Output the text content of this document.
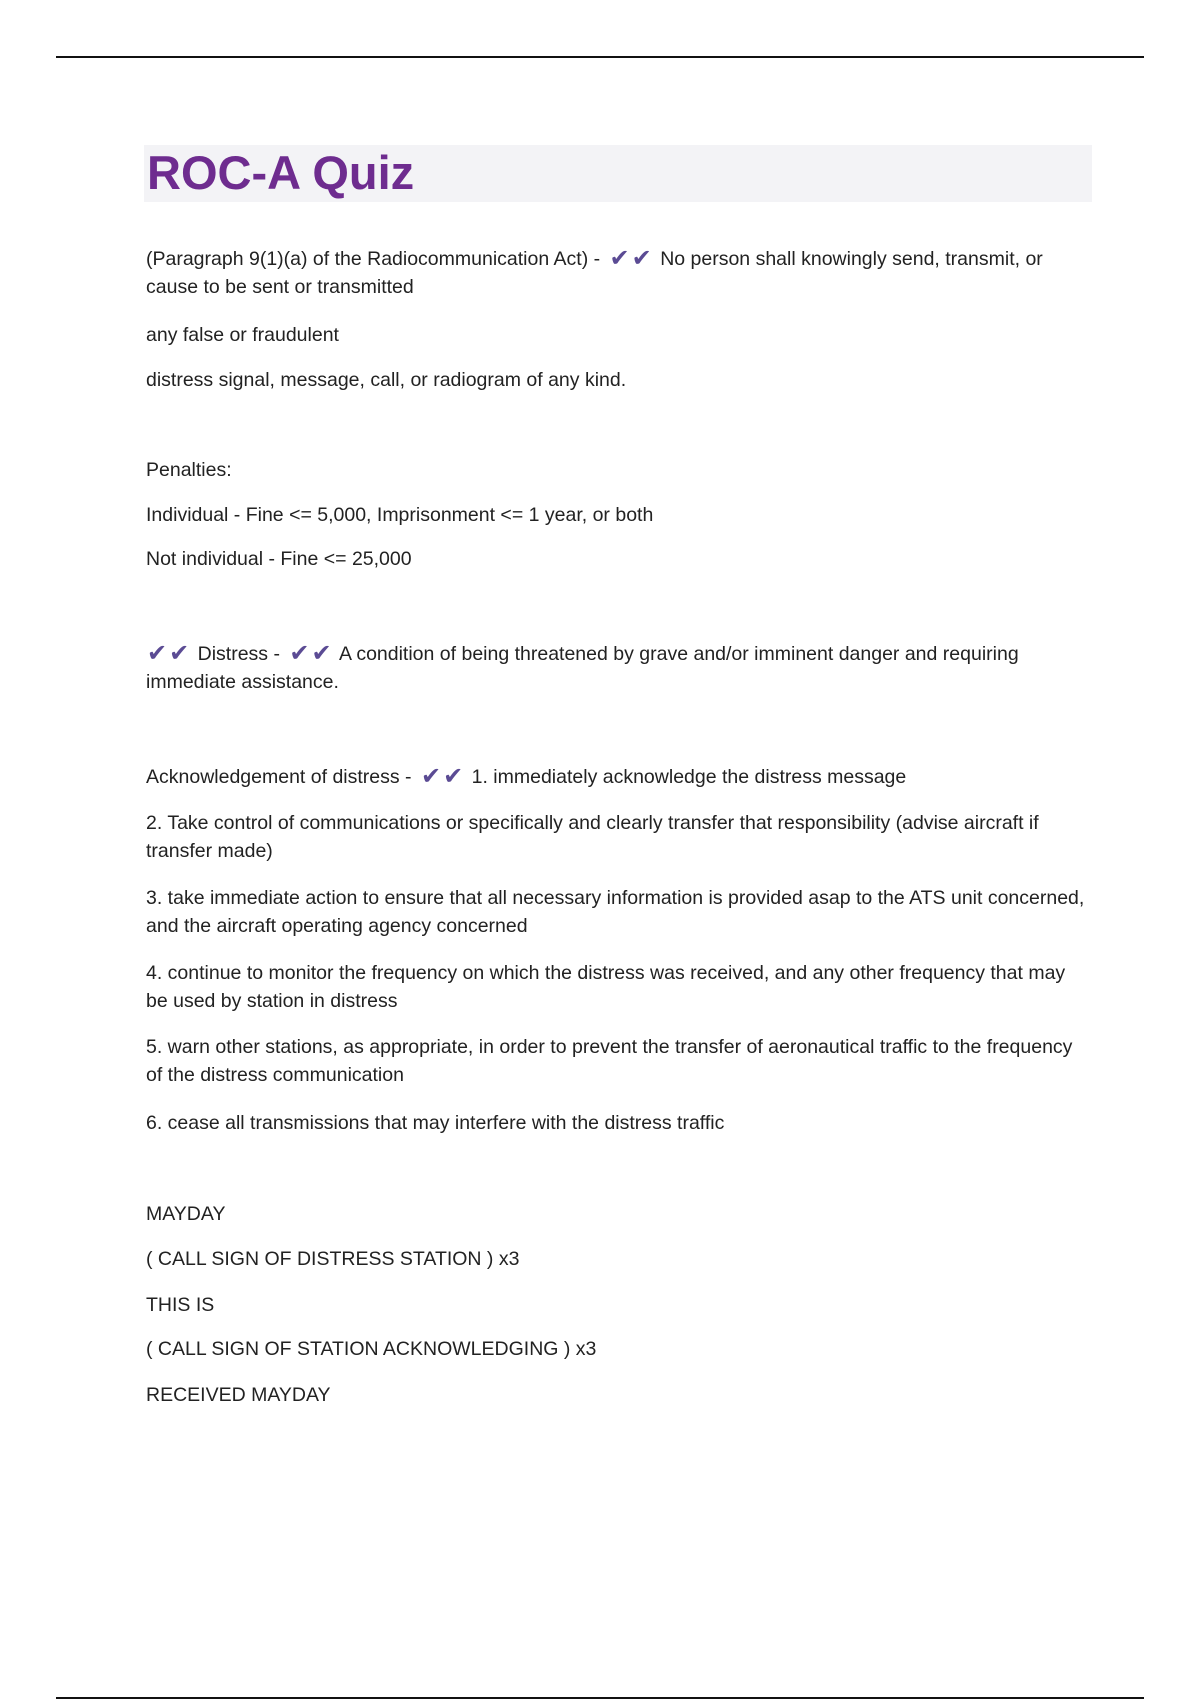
ROC-A Quiz

(Paragraph 9(1)(a) of the Radiocommunication Act) - ✔✔ No person shall knowingly send, transmit, or cause to be sent or transmitted

any false or fraudulent

distress signal, message, call, or radiogram of any kind.

Penalties:

Individual - Fine <= 5,000, Imprisonment <= 1 year, or both

Not individual - Fine <= 25,000

✔✔ Distress - ✔✔ A condition of being threatened by grave and/or imminent danger and requiring immediate assistance.

Acknowledgement of distress - ✔✔ 1. immediately acknowledge the distress message

2. Take control of communications or specifically and clearly transfer that responsibility (advise aircraft if transfer made)

3. take immediate action to ensure that all necessary information is provided asap to the ATS unit concerned, and the aircraft operating agency concerned

4. continue to monitor the frequency on which the distress was received, and any other frequency that may be used by station in distress

5. warn other stations, as appropriate, in order to prevent the transfer of aeronautical traffic to the frequency of the distress communication

6. cease all transmissions that may interfere with the distress traffic

MAYDAY

( CALL SIGN OF DISTRESS STATION ) x3

THIS IS

( CALL SIGN OF STATION ACKNOWLEDGING ) x3

RECEIVED MAYDAY
